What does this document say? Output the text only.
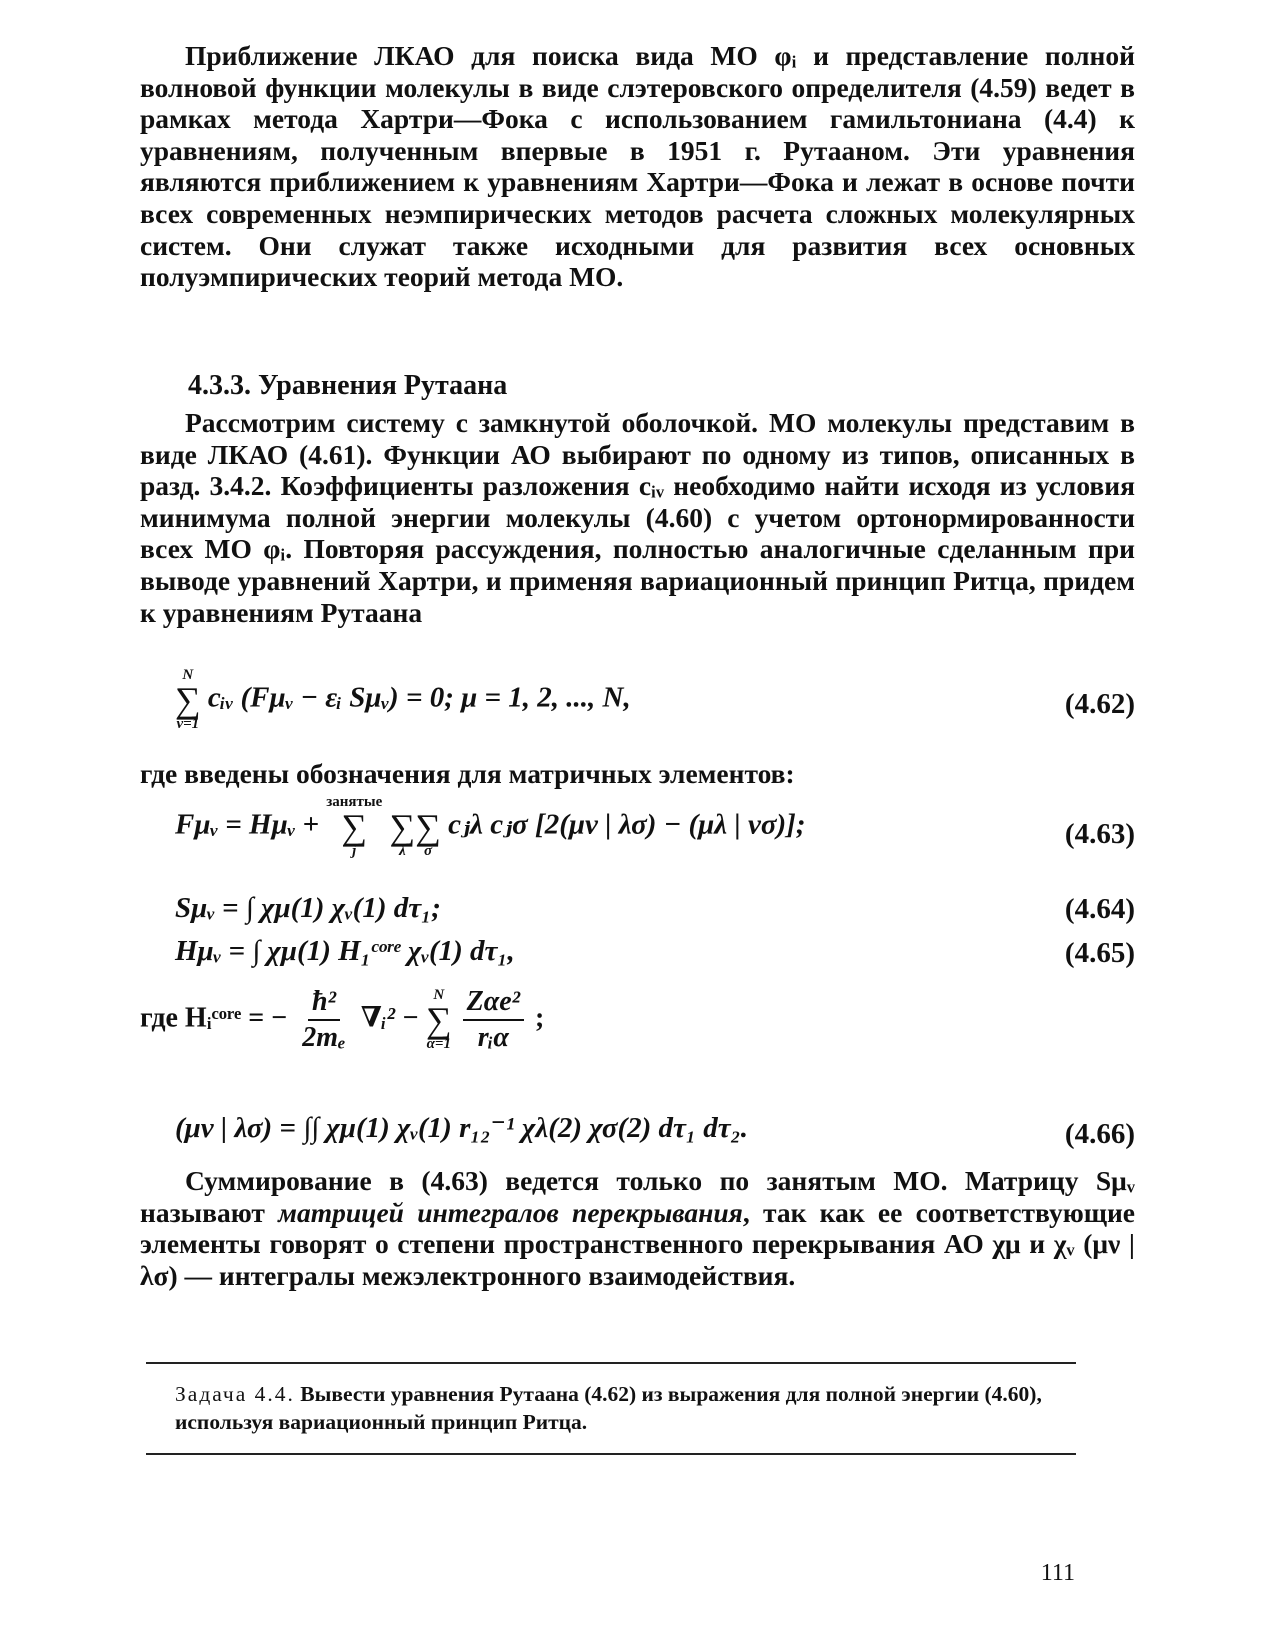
Приближение ЛКАО для поиска вида МО φᵢ и представление полной волновой функции молекулы в виде слэтеровского определителя (4.59) ведет в рамках метода Хартри—Фока с использованием гамильтониана (4.4) к уравнениям, полученным впервые в 1951 г. Рутааном. Эти уравнения являются приближением к уравнениям Хартри—Фока и лежат в основе почти всех современных неэмпирических методов расчета сложных молекулярных систем. Они служат также исходными для развития всех основных полуэмпирических теорий метода МО.

4.3.3. Уравнения Рутаана

Рассмотрим систему с замкнутой оболочкой. МО молекулы представим в виде ЛКАО (4.61). Функции АО выбирают по одному из типов, описанных в разд. 3.4.2. Коэффициенты разложения cᵢᵥ необходимо найти исходя из условия минимума полной энергии молекулы (4.60) с учетом ортонормированности всех МО φᵢ. Повторяя рассуждения, полностью аналогичные сделанным при выводе уравнений Хартри, и применяя вариационный принцип Ритца, придем к уравнениям Рутаана

N
∑
ν=1
cᵢᵥ (Fμᵥ − εᵢ Sμᵥ) = 0; μ = 1, 2, ..., N,	(4.62)

где введены обозначения для матричных элементов:

Fμᵥ = Hμᵥ +
занятые
∑
j

∑
λ

∑
σ
cⱼλ cⱼσ [2(μν | λσ) − (μλ | νσ)];	(4.63)
Sμᵥ = ∫ χμ(1) χᵥ(1) dτ₁;	(4.64)
Hμᵥ = ∫ χμ(1) H₁ᶜᵒʳᵉ χᵥ(1) dτ₁,	(4.65)
где Hᵢᶜᵒʳᵉ = − $\frac{\text{ħ²}}{\text{2mₑ}}$ ∇ᵢ² −
N
∑
α=1
$\frac{\text{Zαe²}}{\text{rᵢα}}$ ;
(μν | λσ) = ∫∫ χμ(1) χᵥ(1) r₁₂⁻¹ χλ(2) χσ(2) dτ₁ dτ₂.	(4.66)

Суммирование в (4.63) ведется только по занятым МО. Матрицу Sμᵥ называют матрицей интегралов перекрывания, так как ее соответствующие элементы говорят о степени пространственного перекрывания АО χμ и χᵥ (μν | λσ) — интегралы межэлектронного взаимодействия.

Задача 4.4. Вывести уравнения Рутаана (4.62) из выражения для полной энергии (4.60), используя вариационный принцип Ритца.

111
